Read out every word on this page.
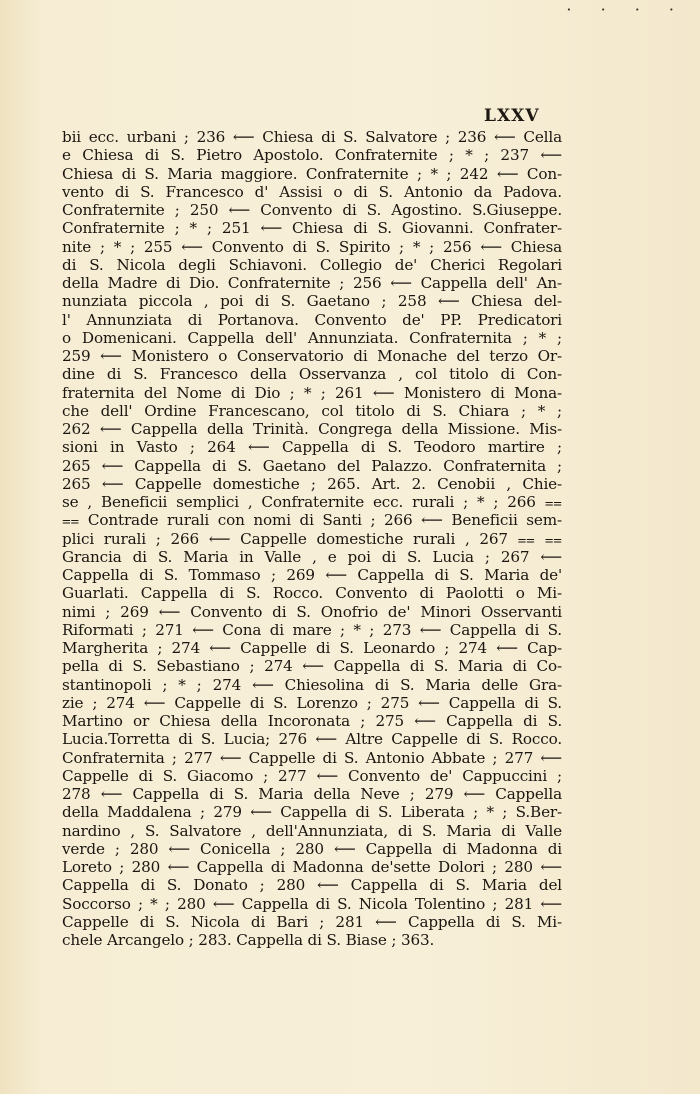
· · · ·
LXXV
bii ecc. urbani ; 236 ⟵ Chiesa di S. Salvatore ; 236 ⟵ Cella
e Chiesa di S. Pietro Apostolo. Confraternite ; * ; 237 ⟵
Chiesa di S. Maria maggiore. Confraternite ; * ; 242 ⟵ Con-
vento di S. Francesco d' Assisi o di S. Antonio da Padova.
Confraternite ; 250 ⟵ Convento di S. Agostino. S.Giuseppe.
Confraternite ; * ; 251 ⟵ Chiesa di S. Giovanni. Confrater-
nite ; * ; 255 ⟵ Convento di S. Spirito ; * ; 256 ⟵ Chiesa
di S. Nicola degli Schiavoni. Collegio de' Cherici Regolari
della Madre di Dio. Confraternite ; 256 ⟵ Cappella dell' An-
nunziata piccola , poi di S. Gaetano ; 258 ⟵ Chiesa del-
l' Annunziata di Portanova. Convento de' PP. Predicatori
o Domenicani. Cappella dell' Annunziata. Confraternita ; * ;
259 ⟵ Monistero o Conservatorio di Monache del terzo Or-
dine di S. Francesco della Osservanza , col titolo di Con-
fraternita del Nome di Dio ; * ; 261 ⟵ Monistero di Mona-
che dell' Ordine Francescano, col titolo di S. Chiara ; * ;
262 ⟵ Cappella della Trinità. Congrega della Missione. Mis-
sioni in Vasto ; 264 ⟵ Cappella di S. Teodoro martire ;
265 ⟵ Cappella di S. Gaetano del Palazzo. Confraternita ;
265 ⟵ Cappelle domestiche ; 265. Art. 2. Cenobii , Chie-
se , Beneficii semplici , Confraternite ecc. rurali ; * ; 266 ⩵
⩵ Contrade rurali con nomi di Santi ; 266 ⟵ Beneficii sem-
plici rurali ; 266 ⟵ Cappelle domestiche rurali , 267 ⩵ ⩵
Grancia di S. Maria in Valle , e poi di S. Lucia ; 267 ⟵
Cappella di S. Tommaso ; 269 ⟵ Cappella di S. Maria de'
Guarlati. Cappella di S. Rocco. Convento di Paolotti o Mi-
nimi ; 269 ⟵ Convento di S. Onofrio de' Minori Osservanti
Riformati ; 271 ⟵ Cona di mare ; * ; 273 ⟵ Cappella di S.
Margherita ; 274 ⟵ Cappelle di S. Leonardo ; 274 ⟵ Cap-
pella di S. Sebastiano ; 274 ⟵ Cappella di S. Maria di Co-
stantinopoli ; * ; 274 ⟵ Chiesolina di S. Maria delle Gra-
zie ; 274 ⟵ Cappelle di S. Lorenzo ; 275 ⟵ Cappella di S.
Martino or Chiesa della Incoronata ; 275 ⟵ Cappella di S.
Lucia.Torretta di S. Lucia; 276 ⟵ Altre Cappelle di S. Rocco.
Confraternita ; 277 ⟵ Cappelle di S. Antonio Abbate ; 277 ⟵
Cappelle di S. Giacomo ; 277 ⟵ Convento de' Cappuccini ;
278 ⟵ Cappella di S. Maria della Neve ; 279 ⟵ Cappella
della Maddalena ; 279 ⟵ Cappella di S. Liberata ; * ; S.Ber-
nardino , S. Salvatore , dell'Annunziata, di S. Maria di Valle
verde ; 280 ⟵ Conicella ; 280 ⟵ Cappella di Madonna di
Loreto ; 280 ⟵ Cappella di Madonna de'sette Dolori ; 280 ⟵
Cappella di S. Donato ; 280 ⟵ Cappella di S. Maria del
Soccorso ; * ; 280 ⟵ Cappella di S. Nicola Tolentino ; 281 ⟵
Cappelle di S. Nicola di Bari ; 281 ⟵ Cappella di S. Mi-
chele Arcangelo ; 283. Cappella di S. Biase ; 363.
